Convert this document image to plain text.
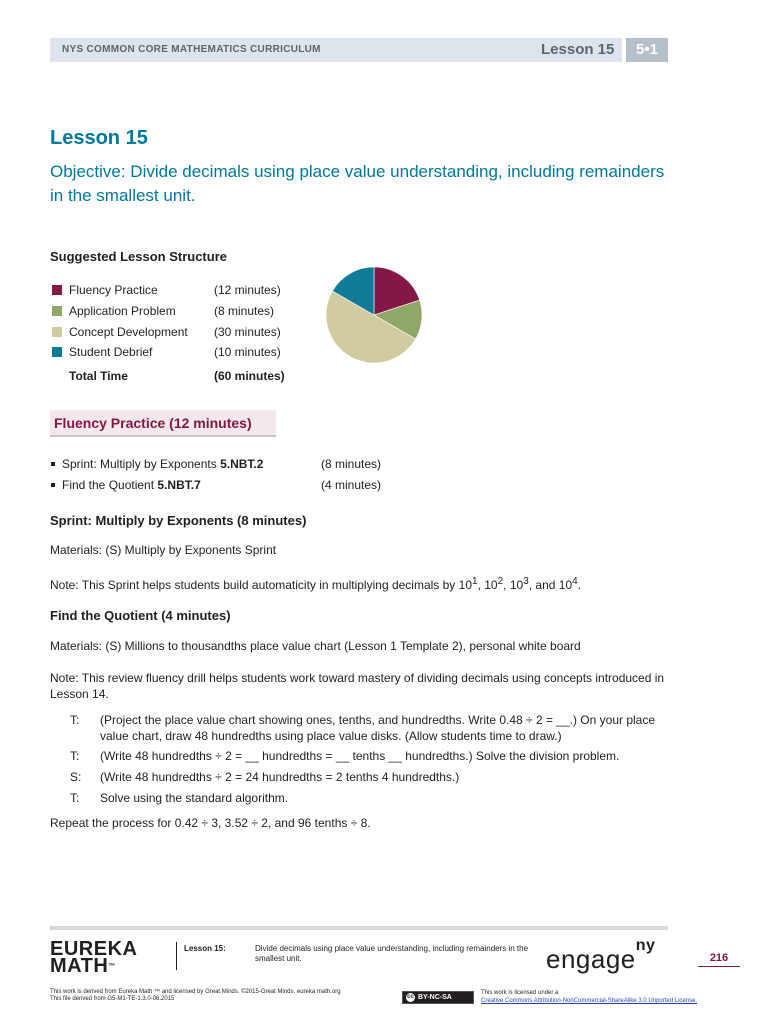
NYS COMMON CORE MATHEMATICS CURRICULUM	Lesson 15	5•1
Lesson 15
Objective: Divide decimals using place value understanding, including remainders in the smallest unit.
Suggested Lesson Structure
Fluency Practice	(12 minutes)
Application Problem	(8 minutes)
Concept Development (30 minutes)
Student Debrief	(10 minutes)
Total Time	(60 minutes)
Fluency Practice (12 minutes)
Sprint: Multiply by Exponents 5.NBT.2	(8 minutes)
Find the Quotient 5.NBT.7	(4 minutes)
Sprint: Multiply by Exponents (8 minutes)
Materials: (S) Multiply by Exponents Sprint
Note: This Sprint helps students build automaticity in multiplying decimals by $10^1$, $10^2$, $10^3$, and $10^4$.
Find the Quotient (4 minutes)
Materials: (S) Millions to thousandths place value chart (Lesson 1 Template 2), personal white board
Note: This review fluency drill helps students work toward mastery of dividing decimals using concepts introduced in Lesson 14.
T: (Project the place value chart showing ones, tenths, and hundredths. Write 0.48 ÷ 2 = __.) On your place value chart, draw 48 hundredths using place value disks. (Allow students time to draw.)
T: (Write 48 hundredths ÷ 2 = __ hundredths = __ tenths __ hundredths.) Solve the division problem.
S: (Write 48 hundredths ÷ 2 = 24 hundredths = 2 tenths 4 hundredths.)
T: Solve using the standard algorithm.
Repeat the process for 0.42 ÷ 3, 3.52 ÷ 2, and 96 tenths ÷ 8.
EUREKA
MATH™
Lesson 15:	Divide decimals using place value understanding, including remainders in the smallest unit.	engage$^{ny}$
216
This work is derived from Eureka Math ™ and licensed by Great Minds. ©2015-Great Minds. eureka math.org
This file derived from G5-M1-TE-1.3.0-06.2015	cc BY-NC-SA
This work is licensed under a
Creative Commons Attribution-NonCommercial-ShareAlike 3.0 Unported License.
